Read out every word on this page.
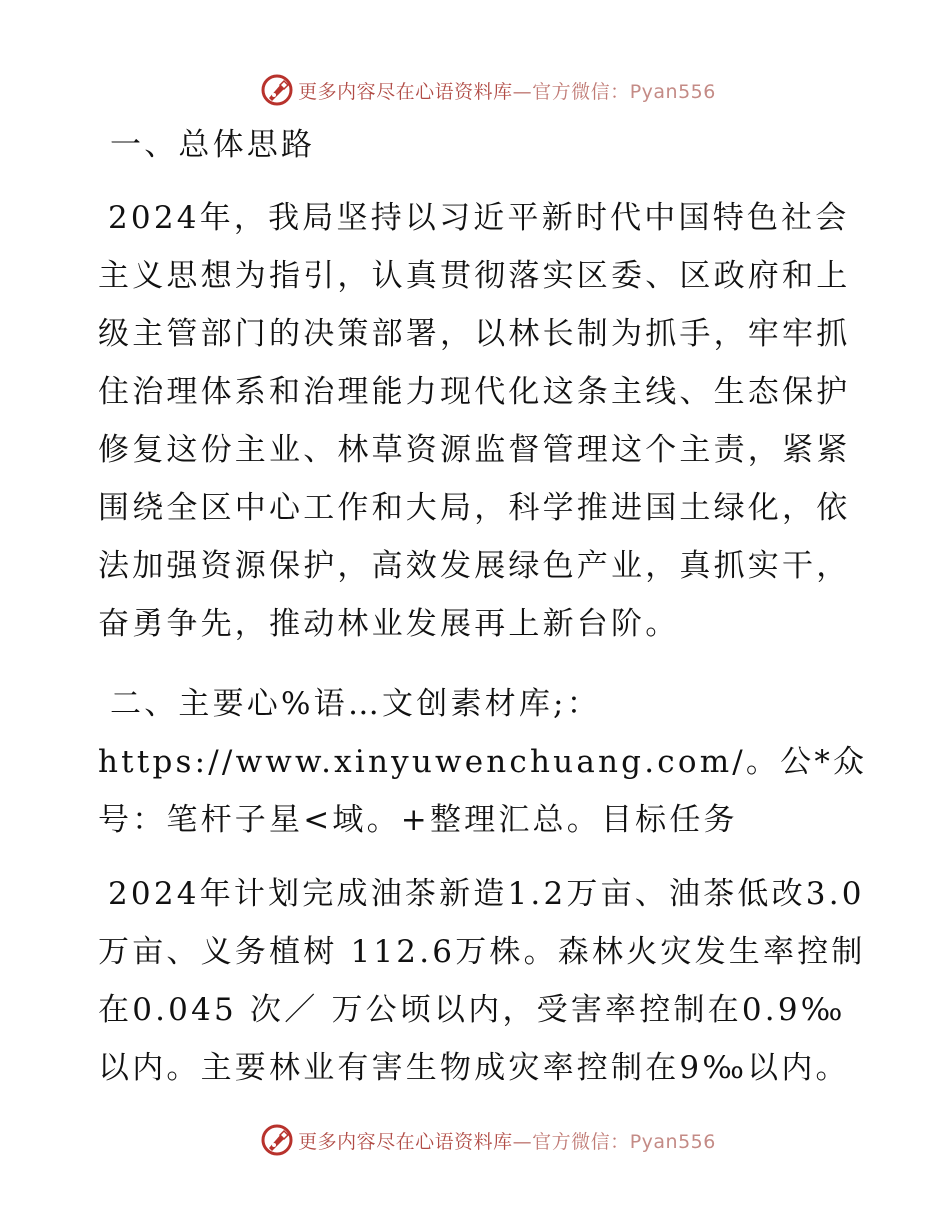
更多内容尽在心语资料库—官方微信：Pyan556

一、总体思路

2024年，我局坚持以习近平新时代中国特色社会主义思想为指引，认真贯彻落实区委、区政府和上级主管部门的决策部署，以林长制为抓手，牢牢抓住治理体系和治理能力现代化这条主线、生态保护修复这份主业、林草资源监督管理这个主责，紧紧围绕全区中心工作和大局，科学推进国土绿化，依法加强资源保护，高效发展绿色产业，真抓实干，奋勇争先，推动林业发展再上新台阶。

二、主要心%语…文创素材库;：https://www.xinyuwenchuang.com/。公*众号：笔杆子星<域。+整理汇总。目标任务

2024年计划完成油茶新造1.2万亩、油茶低改3.0万亩、义务植树 112.6万株。森林火灾发生率控制在0.045 次／ 万公顷以内，受害率控制在0.9‰以内。主要林业有害生物成灾率控制在9‰以内。

更多内容尽在心语资料库—官方微信：Pyan556
